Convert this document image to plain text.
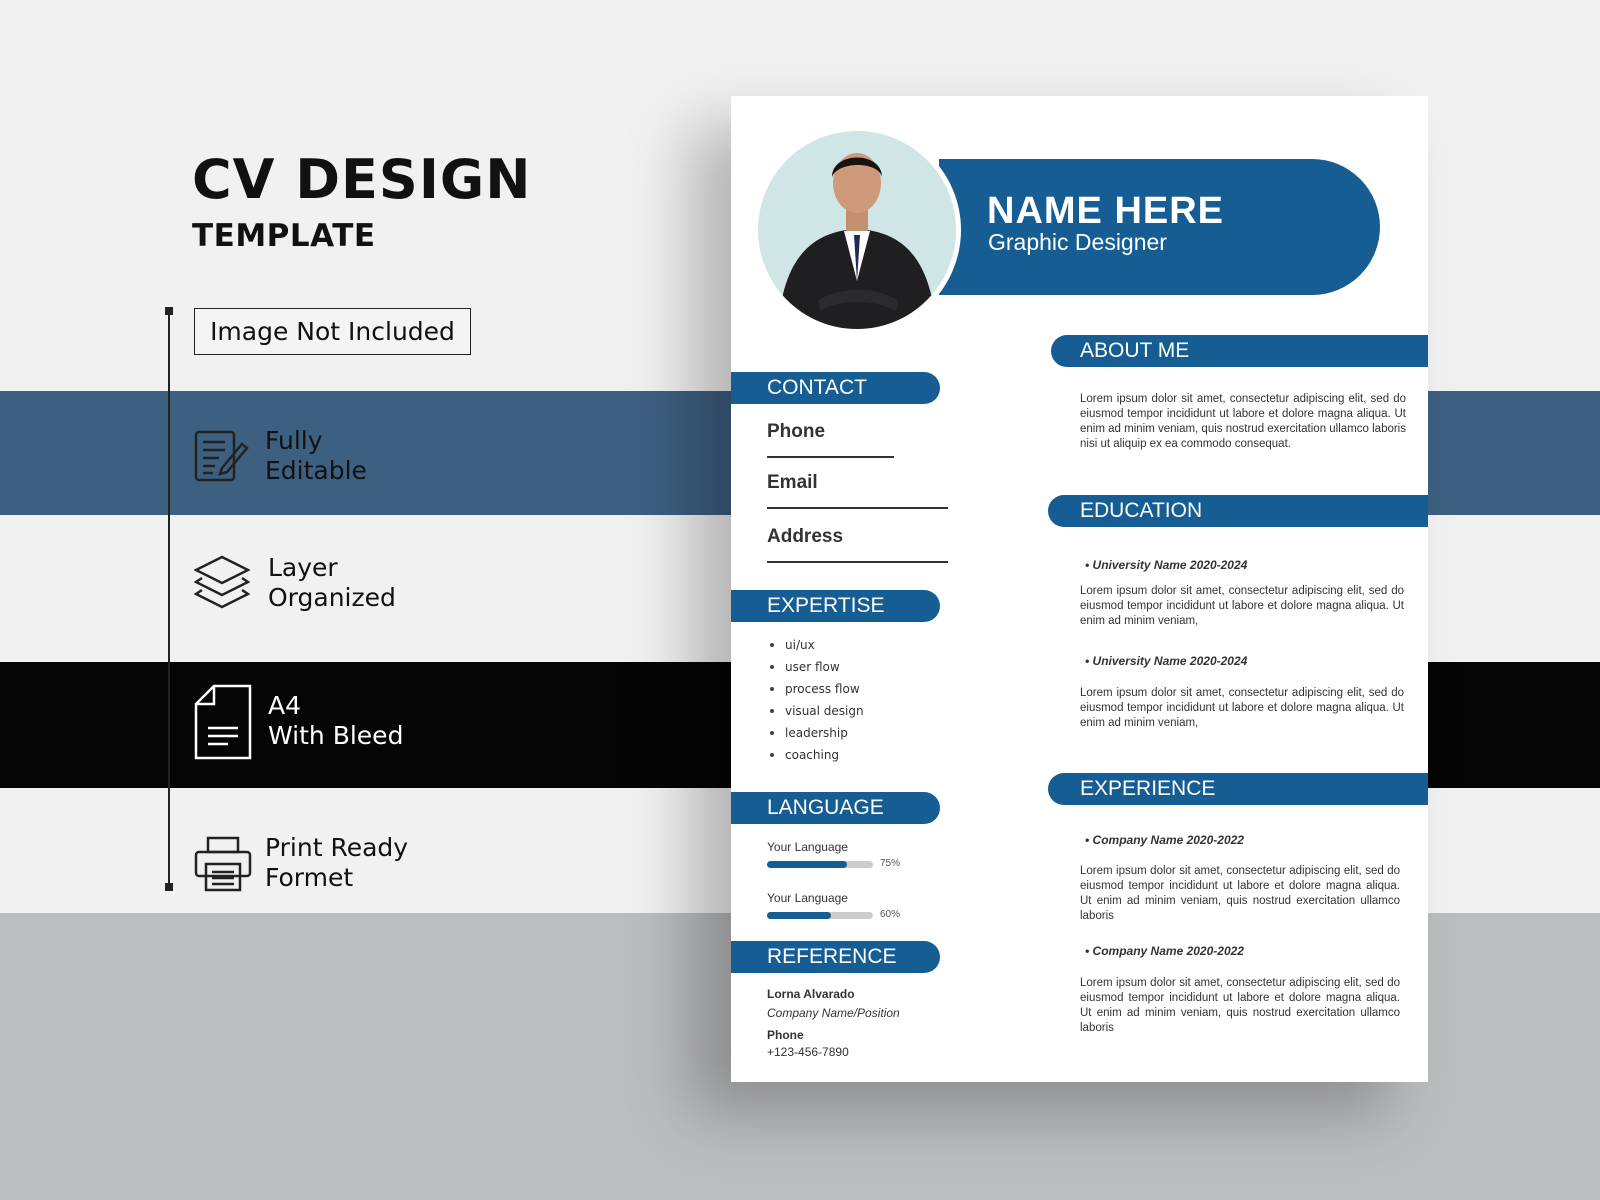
CV DESIGN
TEMPLATE
Image Not Included
Fully
Editable
Layer
Organized
A4
With Bleed
Print Ready
Formet
NAME HERE
Graphic Designer
CONTACT
Phone
Email
Address
EXPERTISE
ui/ux
user flow
process flow
visual design
leadership
coaching
LANGUAGE
Your Language
75%
Your Language
60%
REFERENCE
Lorna Alvarado
Company Name/Position
Phone
+123-456-7890
ABOUT ME
Lorem ipsum dolor sit amet, consectetur adipiscing elit, sed do eiusmod tempor incididunt ut labore et dolore magna aliqua. Ut enim ad minim veniam, quis nostrud exercitation ullamco laboris nisi ut aliquip ex ea commodo consequat.
EDUCATION
• University Name 2020-2024
Lorem ipsum dolor sit amet, consectetur adipiscing elit, sed do eiusmod tempor incididunt ut labore et dolore magna aliqua. Ut enim ad minim veniam,
• University Name 2020-2024
Lorem ipsum dolor sit amet, consectetur adipiscing elit, sed do eiusmod tempor incididunt ut labore et dolore magna aliqua. Ut enim ad minim veniam,
EXPERIENCE
• Company Name 2020-2022
Lorem ipsum dolor sit amet, consectetur adipiscing elit, sed do eiusmod tempor incididunt ut labore et dolore magna aliqua. Ut enim ad minim veniam, quis nostrud exercitation ullamco laboris
• Company Name 2020-2022
Lorem ipsum dolor sit amet, consectetur adipiscing elit, sed do eiusmod tempor incididunt ut labore et dolore magna aliqua. Ut enim ad minim veniam, quis nostrud exercitation ullamco laboris
